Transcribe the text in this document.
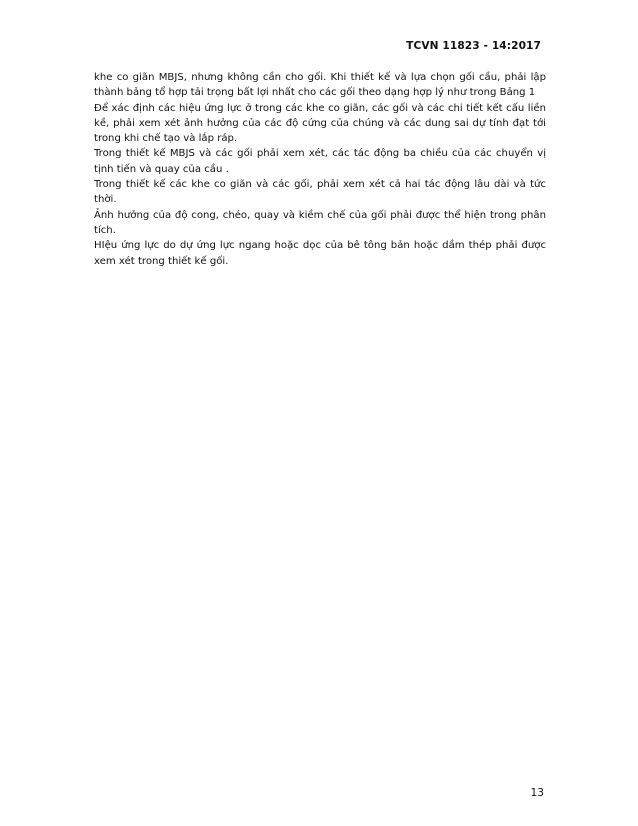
TCVN 11823 - 14:2017

khe co giãn MBJS, nhưng không cần cho gối. Khi thiết kế và lựa chọn gối cầu, phải lập thành bảng tổ hợp tải trọng bất lợi nhất cho các gối theo dạng hợp lý như trong Bảng 1

Để xác định các hiệu ứng lực ở trong các khe co giãn, các gối và các chi tiết kết cấu liền kề, phải xem xét ảnh hưởng của các độ cứng của chúng và các dung sai dự tính đạt tới trong khi chế tạo và lắp ráp.

Trong thiết kế MBJS và các gối phải xem xét, các tác động ba chiều của các chuyển vị tịnh tiến và quay của cầu .

Trong thiết kế các khe co giãn và các gối, phải xem xét cả hai tác động lâu dài và tức thời.

Ảnh hưởng của độ cong, chéo, quay và kiềm chế của gối phải được thể hiện trong phân tích.

HIệu ứng lực do dự ứng lực ngang hoặc dọc của bê tông bản hoặc dầm thép phải được xem xét trong thiết kế gối.

13
